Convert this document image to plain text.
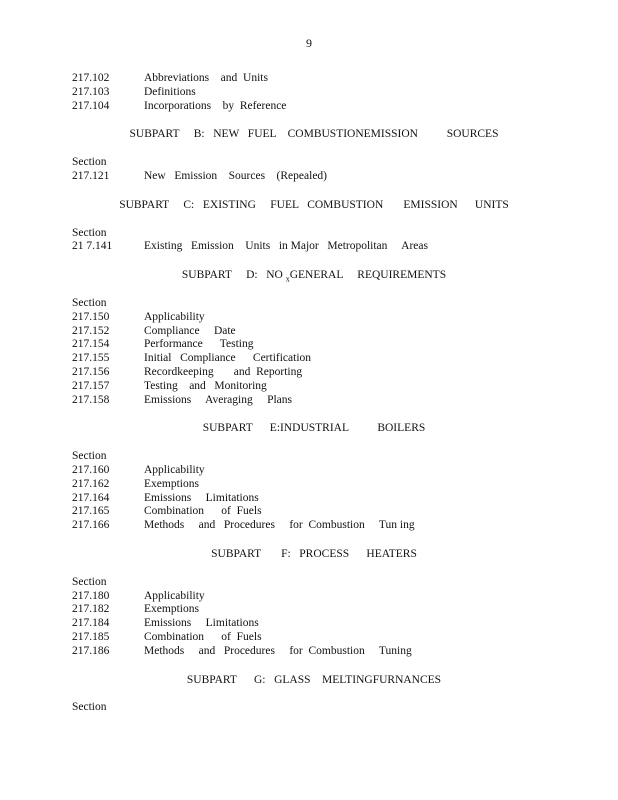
9
217.102	Abbreviations    and  Units
217.103	Definitions
217.104	Incorporations    by  Reference
SUBPART     B:   NEW   FUEL    COMBUSTIONEMISSION          SOURCES
Section
217.121	New   Emission    Sources    (Repealed)
SUBPART     C:   EXISTING     FUEL   COMBUSTION       EMISSION      UNITS
Section
21 7.141	Existing   Emission    Units   in Major   Metropolitan     Areas
SUBPART     D:   NO $_x$GENERAL     REQUIREMENTS
Section
217.150	Applicability
217.152	Compliance     Date
217.154	Performance      Testing
217.155	Initial   Compliance      Certification
217.156	Recordkeeping       and  Reporting
217.157	Testing    and   Monitoring
217.158	Emissions     Averaging     Plans
SUBPART      E:INDUSTRIAL          BOILERS
Section
217.160	Applicability
217.162	Exemptions
217.164	Emissions     Limitations
217.165	Combination      of  Fuels
217.166	Methods     and   Procedures     for  Combustion     Tun ing
SUBPART       F:   PROCESS      HEATERS
Section
217.180	Applicability
217.182	Exemptions
217.184	Emissions     Limitations
217.185	Combination      of  Fuels
217.186	Methods     and   Procedures     for  Combustion     Tuning
SUBPART      G:   GLASS    MELTINGFURNANCES
Section
